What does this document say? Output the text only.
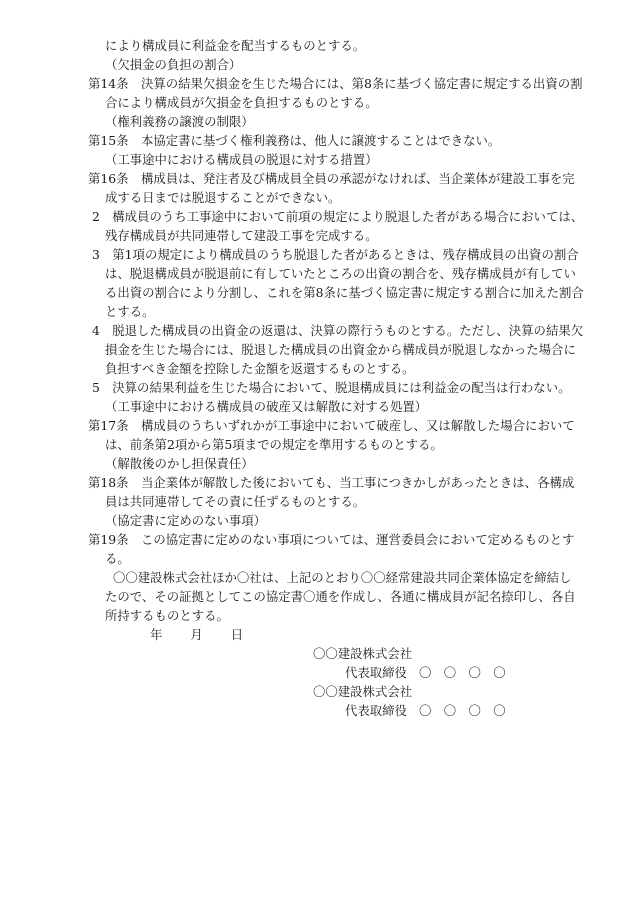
により構成員に利益金を配当するものとする。
（欠損金の負担の割合）
第14条　決算の結果欠損金を生じた場合には、第8条に基づく協定書に規定する出資の割
合により構成員が欠損金を負担するものとする。
（権利義務の譲渡の制限）
第15条　本協定書に基づく権利義務は、他人に譲渡することはできない。
（工事途中における構成員の脱退に対する措置）
第16条　構成員は、発注者及び構成員全員の承認がなければ、当企業体が建設工事を完
成する日までは脱退することができない。
2　構成員のうち工事途中において前項の規定により脱退した者がある場合においては、
残存構成員が共同連帯して建設工事を完成する。
3　第1項の規定により構成員のうち脱退した者があるときは、残存構成員の出資の割合
は、脱退構成員が脱退前に有していたところの出資の割合を、残存構成員が有してい
る出資の割合により分割し、これを第8条に基づく協定書に規定する割合に加えた割合
とする。
4　脱退した構成員の出資金の返還は、決算の際行うものとする。ただし、決算の結果欠
損金を生じた場合には、脱退した構成員の出資金から構成員が脱退しなかった場合に
負担すべき金額を控除した金額を返還するものとする。
5　決算の結果利益を生じた場合において、脱退構成員には利益金の配当は行わない。
（工事途中における構成員の破産又は解散に対する処置）
第17条　構成員のうちいずれかが工事途中において破産し、又は解散した場合において
は、前条第2項から第5項までの規定を準用するものとする。
（解散後のかし担保責任）
第18条　当企業体が解散した後においても、当工事につきかしがあったときは、各構成
員は共同連帯してその責に任ずるものとする。
（協定書に定めのない事項）
第19条　この協定書に定めのない事項については、運営委員会において定めるものとす
る。
〇〇建設株式会社ほか〇社は、上記のとおり〇〇経常建設共同企業体協定を締結し
たので、その証拠としてこの協定書〇通を作成し、各通に構成員が記名捺印し、各自
所持するものとする。
年 月 日
〇〇建設株式会社
代表取締役 〇　〇　〇　〇
〇〇建設株式会社
代表取締役 〇　〇　〇　〇
